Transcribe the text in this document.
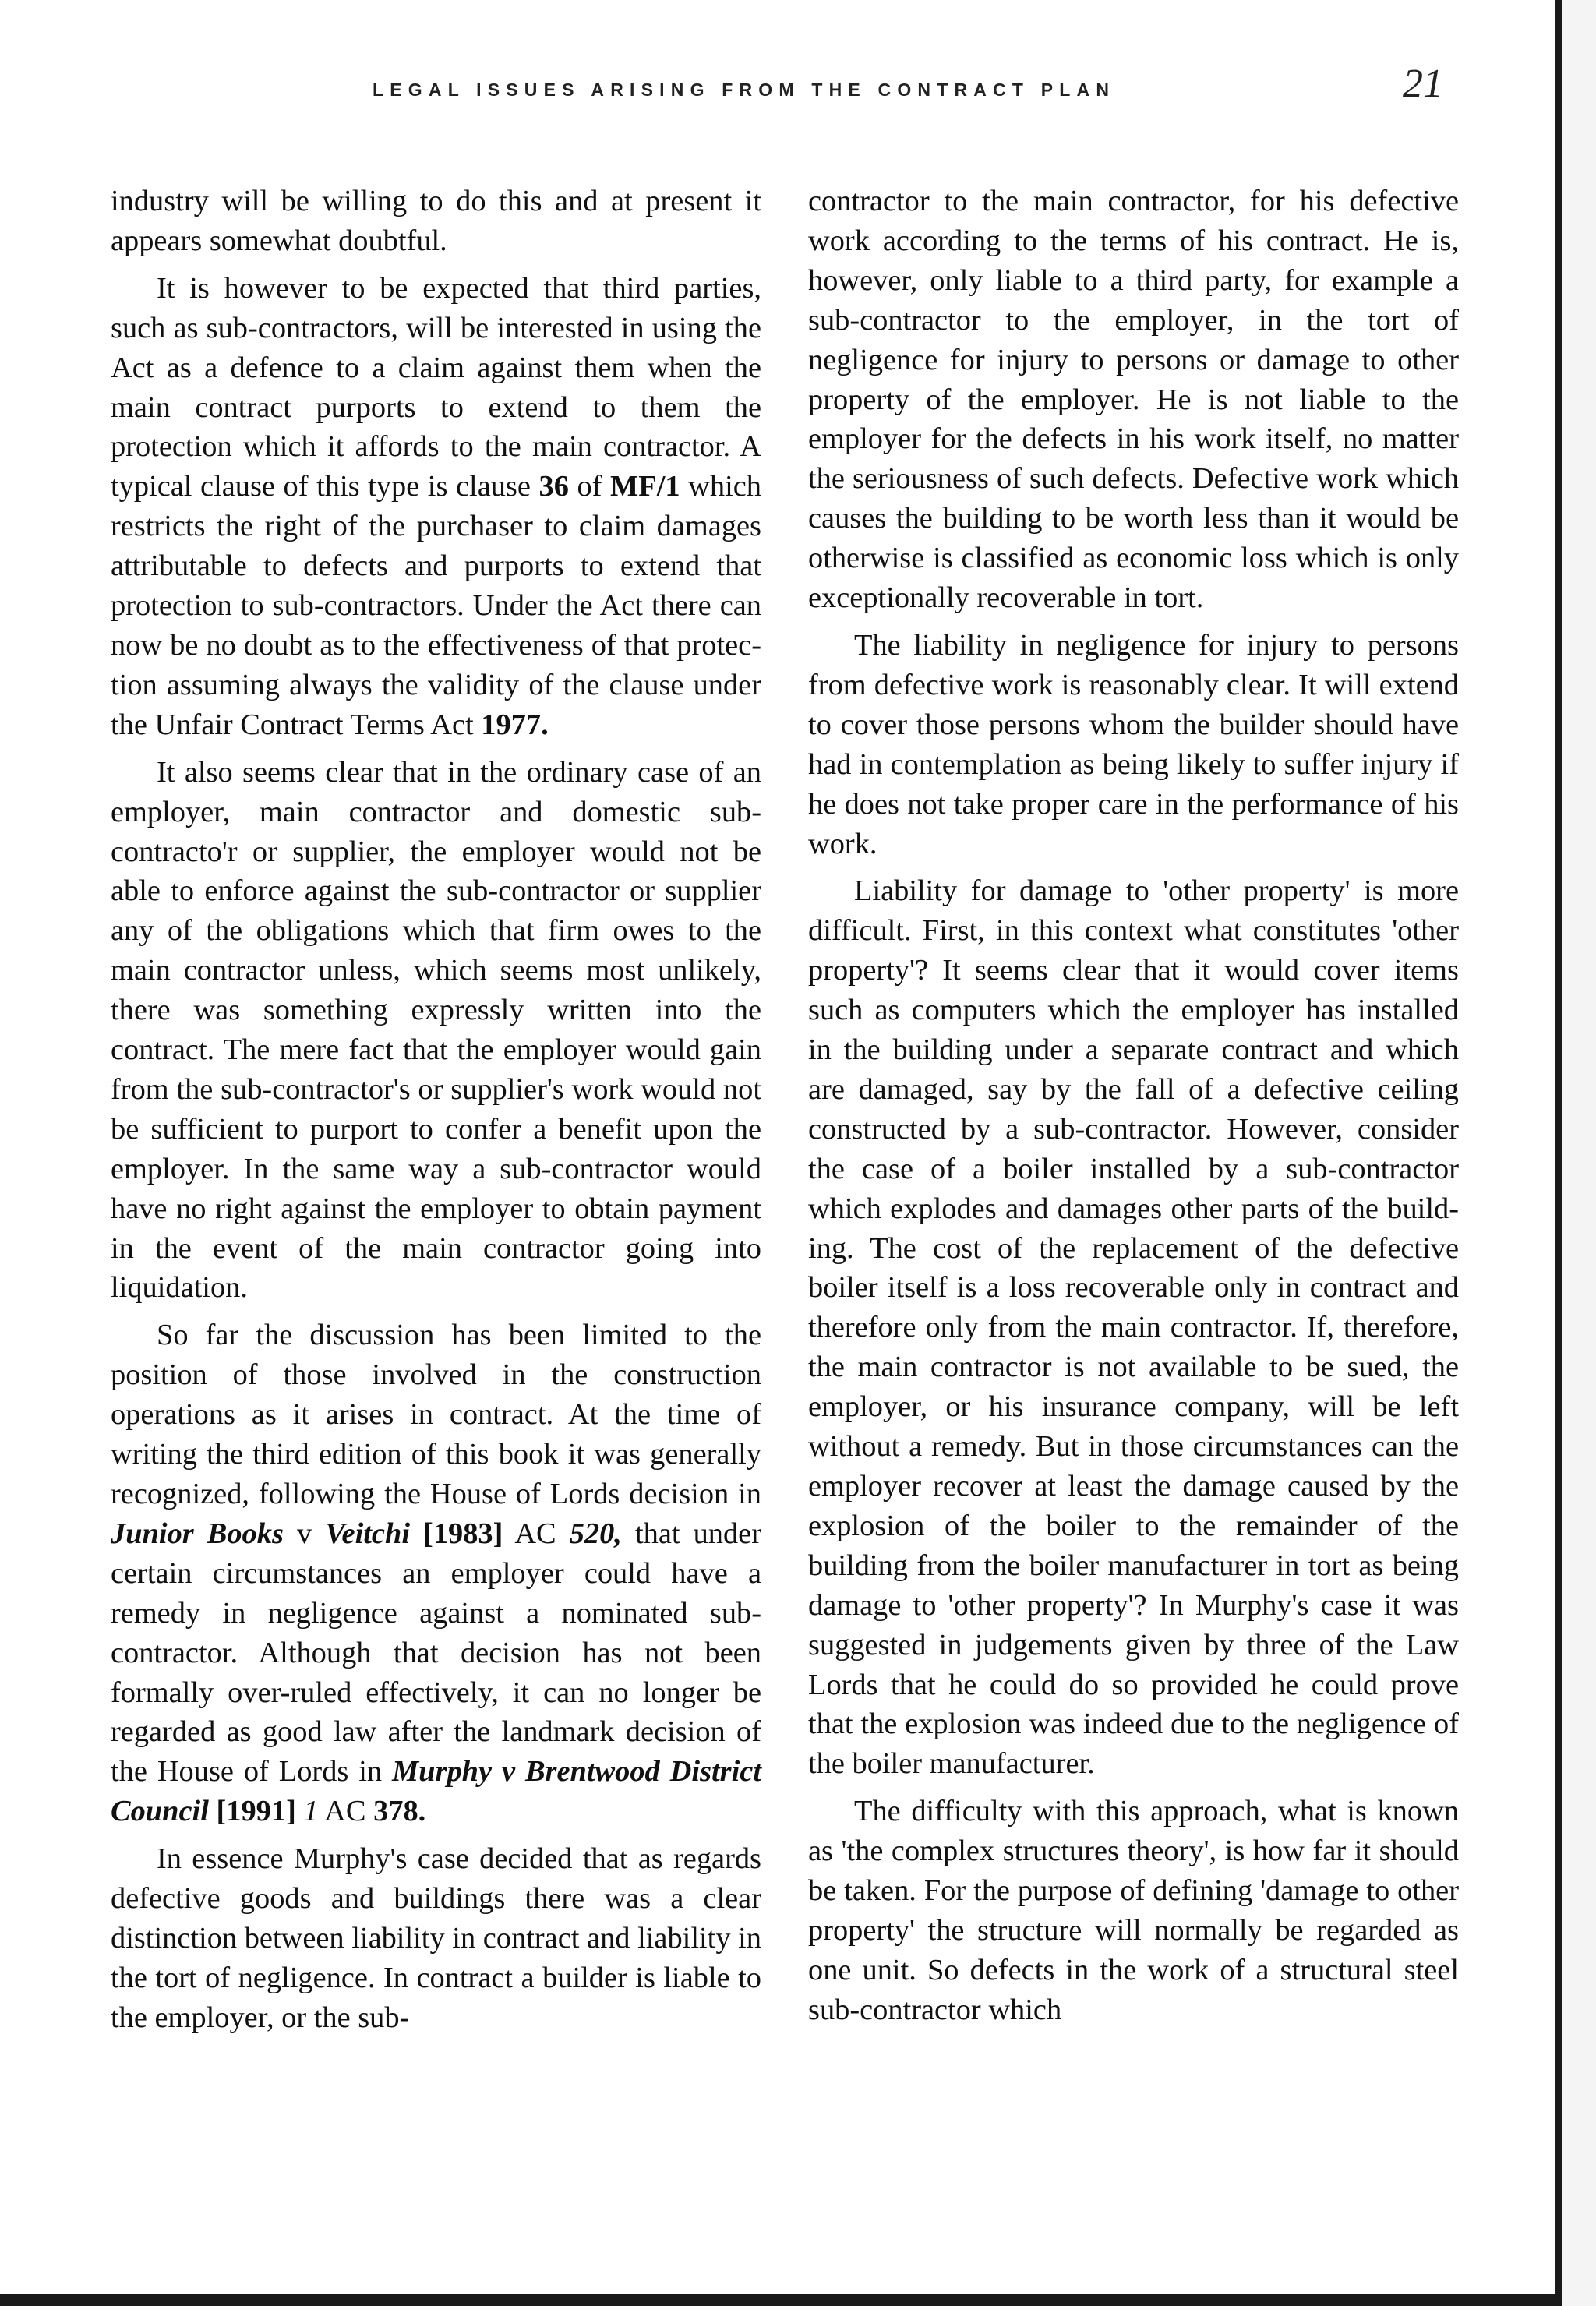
LEGAL ISSUES ARISING FROM THE CONTRACT PLAN	21

industry will be willing to do this and at present it appears somewhat doubtful.

It is however to be expected that third parties, such as sub-contractors, will be interested in using the Act as a defence to a claim against them when the main contract purports to extend to them the protection which it affords to the main contractor. A typical clause of this type is clause 36 of MF/1 which restricts the right of the purchaser to claim damages attributable to defects and purports to extend that protection to sub-contractors. Under the Act there can now be no doubt as to the effectiveness of that protection assuming always the validity of the clause under the Unfair Contract Terms Act 1977.

It also seems clear that in the ordinary case of an employer, main contractor and domestic sub-contracto'r or supplier, the employer would not be able to enforce against the sub-contractor or supplier any of the obligations which that firm owes to the main contractor unless, which seems most unlikely, there was something expressly written into the contract. The mere fact that the employer would gain from the sub-contractor's or supplier's work would not be sufficient to purport to confer a benefit upon the employer. In the same way a sub-contractor would have no right against the employer to obtain payment in the event of the main contractor going into liquidation.

So far the discussion has been limited to the position of those involved in the construction operations as it arises in contract. At the time of writing the third edition of this book it was generally recognized, following the House of Lords decision in Junior Books v Veitchi [1983] AC 520, that under certain circumstances an employer could have a remedy in negligence against a nominated sub-contractor. Although that decision has not been formally over-ruled effectively, it can no longer be regarded as good law after the landmark decision of the House of Lords in Murphy v Brentwood District Council [1991] 1 AC 378.

In essence Murphy's case decided that as regards defective goods and buildings there was a clear distinction between liability in contract and liability in the tort of negligence. In contract a builder is liable to the employer, or the sub-

contractor to the main contractor, for his defective work according to the terms of his contract. He is, however, only liable to a third party, for example a sub-contractor to the employer, in the tort of negligence for injury to persons or damage to other property of the employer. He is not liable to the employer for the defects in his work itself, no matter the seriousness of such defects. Defective work which causes the building to be worth less than it would be otherwise is classified as economic loss which is only exceptionally recoverable in tort.

The liability in negligence for injury to persons from defective work is reasonably clear. It will extend to cover those persons whom the builder should have had in contemplation as being likely to suffer injury if he does not take proper care in the performance of his work.

Liability for damage to 'other property' is more difficult. First, in this context what constitutes 'other property'? It seems clear that it would cover items such as computers which the employer has installed in the building under a separate contract and which are damaged, say by the fall of a defective ceiling constructed by a sub-contractor. However, consider the case of a boiler installed by a sub-contractor which explodes and damages other parts of the building. The cost of the replacement of the defective boiler itself is a loss recoverable only in contract and therefore only from the main contractor. If, therefore, the main contractor is not available to be sued, the employer, or his insurance company, will be left without a remedy. But in those circumstances can the employer recover at least the damage caused by the explosion of the boiler to the remainder of the building from the boiler manufacturer in tort as being damage to 'other property'? In Murphy's case it was suggested in judgements given by three of the Law Lords that he could do so provided he could prove that the explosion was indeed due to the negligence of the boiler manufacturer.

The difficulty with this approach, what is known as 'the complex structures theory', is how far it should be taken. For the purpose of defining 'damage to other property' the structure will normally be regarded as one unit. So defects in the work of a structural steel sub-contractor which
